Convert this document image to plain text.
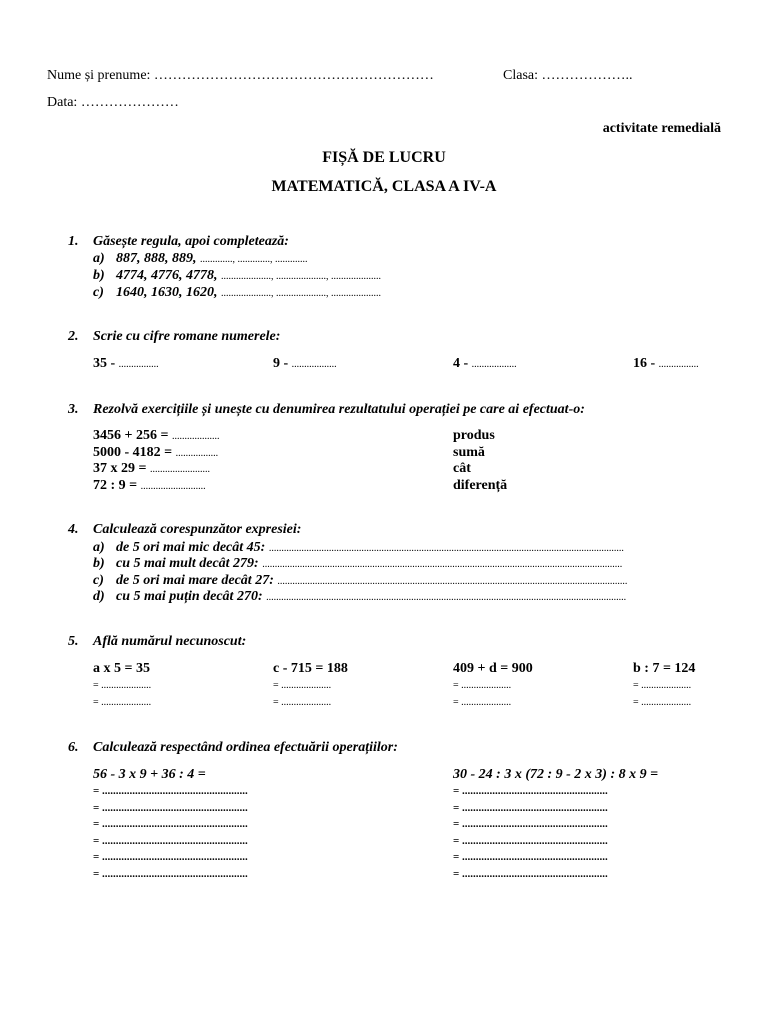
Nume și prenume: ……………………………………………………	Clasa: ………………..
Data: …………………
activitate remedială
FIȘĂ DE LUCRU
MATEMATICĂ, CLASA A IV-A
1. Găsește regula, apoi completează:
a) 887, 888, 889, ............., ............., .............
b) 4774, 4776, 4778, ...................., ...................., ....................
c) 1640, 1630, 1620, ...................., ...................., ....................
2. Scrie cu cifre romane numerele:
35 - ................	9 - ..................	4 - ..................	16 - ................
3. Rezolvă exercițiile și unește cu denumirea rezultatului operației pe care ai efectuat-o:
3456 + 256 = ...................
5000 - 4182 = .................
37 x 29 = ........................
72 : 9 = ..........................
produs
sumă
cât
diferență
4. Calculează corespunzător expresiei:
a) de 5 ori mai mic decât 45: ..............................................................................................................................................
b) cu 5 mai mult decât 279: ................................................................................................................................................
c) de 5 ori mai mare decât 27: ............................................................................................................................................
d) cu 5 mai puțin decât 270: ................................................................................................................................................
5. Află numărul necunoscut:
a x 5 = 35
= ....................
= ....................
c - 715 = 188
= ....................
= ....................
409 + d = 900
= ....................
= ....................
b : 7 = 124
= ....................
= ....................
6. Calculează respectând ordinea efectuării operațiilor:
56 - 3 x 9 + 36 : 4 =
= .....................................................
= .....................................................
= .....................................................
= .....................................................
= .....................................................
= .....................................................
30 - 24 : 3 x (72 : 9 - 2 x 3) : 8 x 9 =
= .....................................................
= .....................................................
= .....................................................
= .....................................................
= .....................................................
= .....................................................
